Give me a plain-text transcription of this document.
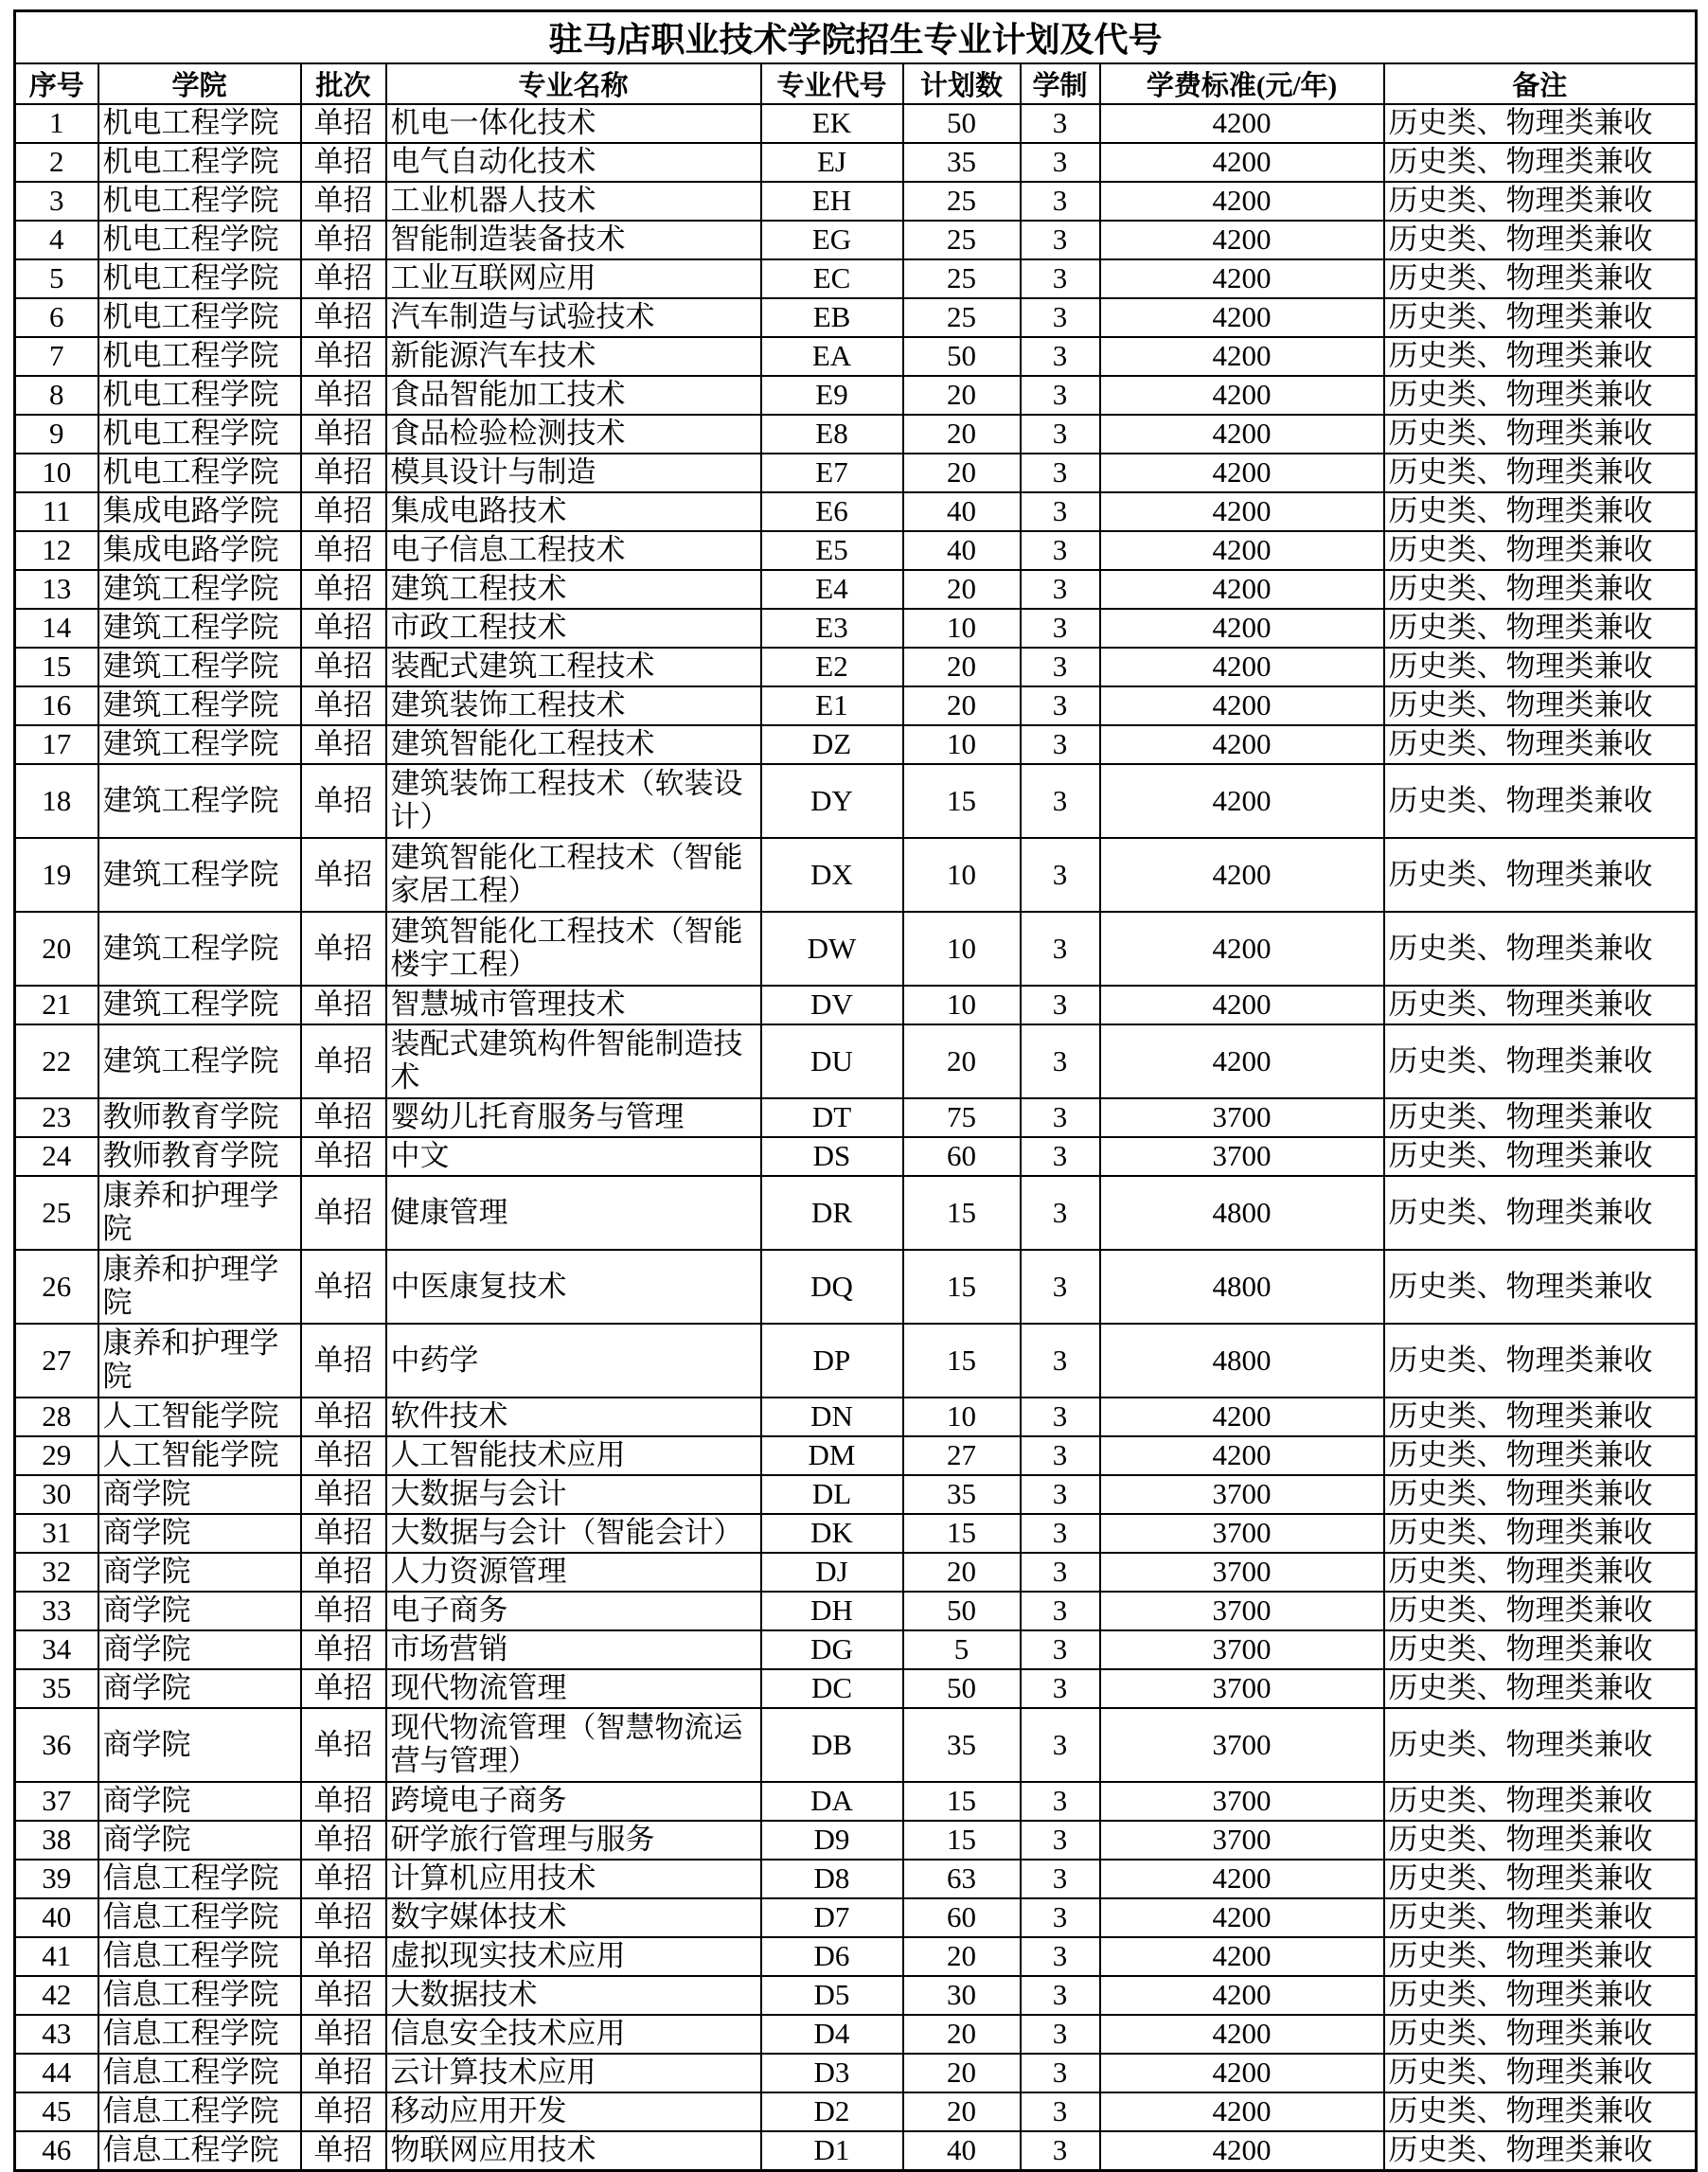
驻马店职业技术学院招生专业计划及代号								
序号	学院	批次	专业名称	专业代号	计划数	学制	学费标准(元/年)	备注
1	机电工程学院	单招	机电一体化技术	EK	50	3	4200	历史类、物理类兼收
2	机电工程学院	单招	电气自动化技术	EJ	35	3	4200	历史类、物理类兼收
3	机电工程学院	单招	工业机器人技术	EH	25	3	4200	历史类、物理类兼收
4	机电工程学院	单招	智能制造装备技术	EG	25	3	4200	历史类、物理类兼收
5	机电工程学院	单招	工业互联网应用	EC	25	3	4200	历史类、物理类兼收
6	机电工程学院	单招	汽车制造与试验技术	EB	25	3	4200	历史类、物理类兼收
7	机电工程学院	单招	新能源汽车技术	EA	50	3	4200	历史类、物理类兼收
8	机电工程学院	单招	食品智能加工技术	E9	20	3	4200	历史类、物理类兼收
9	机电工程学院	单招	食品检验检测技术	E8	20	3	4200	历史类、物理类兼收
10	机电工程学院	单招	模具设计与制造	E7	20	3	4200	历史类、物理类兼收
11	集成电路学院	单招	集成电路技术	E6	40	3	4200	历史类、物理类兼收
12	集成电路学院	单招	电子信息工程技术	E5	40	3	4200	历史类、物理类兼收
13	建筑工程学院	单招	建筑工程技术	E4	20	3	4200	历史类、物理类兼收
14	建筑工程学院	单招	市政工程技术	E3	10	3	4200	历史类、物理类兼收
15	建筑工程学院	单招	装配式建筑工程技术	E2	20	3	4200	历史类、物理类兼收
16	建筑工程学院	单招	建筑装饰工程技术	E1	20	3	4200	历史类、物理类兼收
17	建筑工程学院	单招	建筑智能化工程技术	DZ	10	3	4200	历史类、物理类兼收
18	建筑工程学院	单招	建筑装饰工程技术（软装设计）	DY	15	3	4200	历史类、物理类兼收
19	建筑工程学院	单招	建筑智能化工程技术（智能家居工程）	DX	10	3	4200	历史类、物理类兼收
20	建筑工程学院	单招	建筑智能化工程技术（智能楼宇工程）	DW	10	3	4200	历史类、物理类兼收
21	建筑工程学院	单招	智慧城市管理技术	DV	10	3	4200	历史类、物理类兼收
22	建筑工程学院	单招	装配式建筑构件智能制造技术	DU	20	3	4200	历史类、物理类兼收
23	教师教育学院	单招	婴幼儿托育服务与管理	DT	75	3	3700	历史类、物理类兼收
24	教师教育学院	单招	中文	DS	60	3	3700	历史类、物理类兼收
25	康养和护理学院	单招	健康管理	DR	15	3	4800	历史类、物理类兼收
26	康养和护理学院	单招	中医康复技术	DQ	15	3	4800	历史类、物理类兼收
27	康养和护理学院	单招	中药学	DP	15	3	4800	历史类、物理类兼收
28	人工智能学院	单招	软件技术	DN	10	3	4200	历史类、物理类兼收
29	人工智能学院	单招	人工智能技术应用	DM	27	3	4200	历史类、物理类兼收
30	商学院	单招	大数据与会计	DL	35	3	3700	历史类、物理类兼收
31	商学院	单招	大数据与会计（智能会计）	DK	15	3	3700	历史类、物理类兼收
32	商学院	单招	人力资源管理	DJ	20	3	3700	历史类、物理类兼收
33	商学院	单招	电子商务	DH	50	3	3700	历史类、物理类兼收
34	商学院	单招	市场营销	DG	5	3	3700	历史类、物理类兼收
35	商学院	单招	现代物流管理	DC	50	3	3700	历史类、物理类兼收
36	商学院	单招	现代物流管理（智慧物流运营与管理）	DB	35	3	3700	历史类、物理类兼收
37	商学院	单招	跨境电子商务	DA	15	3	3700	历史类、物理类兼收
38	商学院	单招	研学旅行管理与服务	D9	15	3	3700	历史类、物理类兼收
39	信息工程学院	单招	计算机应用技术	D8	63	3	4200	历史类、物理类兼收
40	信息工程学院	单招	数字媒体技术	D7	60	3	4200	历史类、物理类兼收
41	信息工程学院	单招	虚拟现实技术应用	D6	20	3	4200	历史类、物理类兼收
42	信息工程学院	单招	大数据技术	D5	30	3	4200	历史类、物理类兼收
43	信息工程学院	单招	信息安全技术应用	D4	20	3	4200	历史类、物理类兼收
44	信息工程学院	单招	云计算技术应用	D3	20	3	4200	历史类、物理类兼收
45	信息工程学院	单招	移动应用开发	D2	20	3	4200	历史类、物理类兼收
46	信息工程学院	单招	物联网应用技术	D1	40	3	4200	历史类、物理类兼收
